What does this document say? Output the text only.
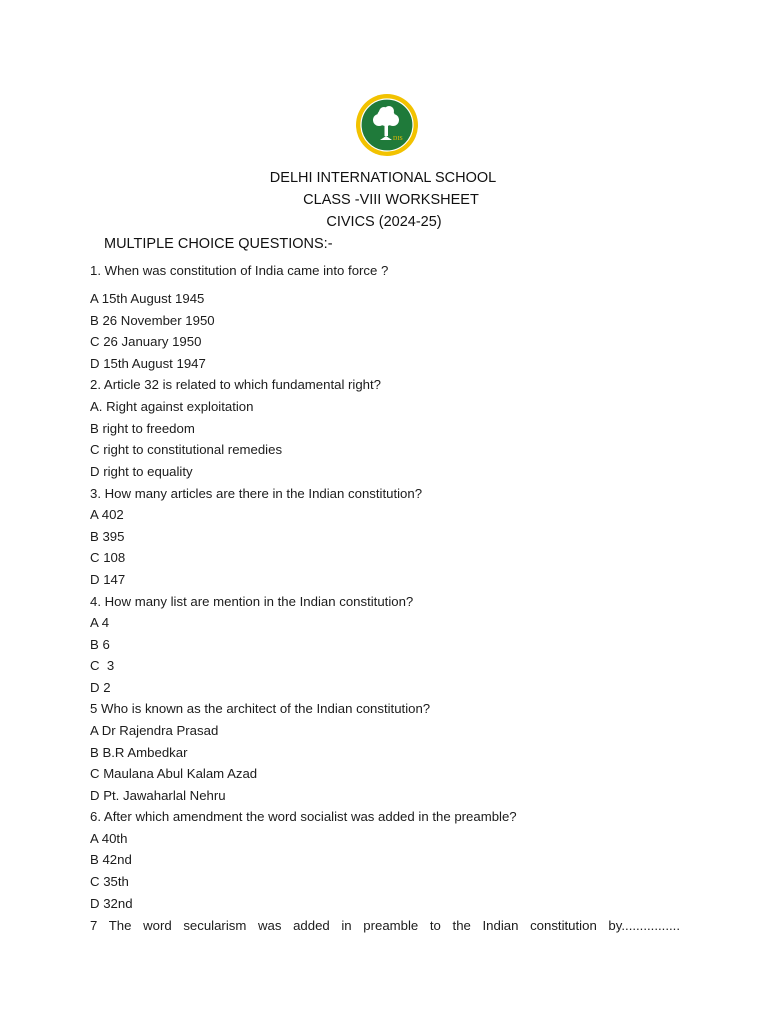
DIS
DELHI INTERNATIONAL SCHOOL
CLASS -VIII WORKSHEET
CIVICS (2024-25)
MULTIPLE CHOICE QUESTIONS:-
1. When was constitution of India came into force ?
A 15th August 1945
B 26 November 1950
C 26 January 1950
D 15th August 1947
2. Article 32 is related to which fundamental right?
A. Right against exploitation
B right to freedom
C right to constitutional remedies
D right to equality
3. How many articles are there in the Indian constitution?
A 402
B 395
C 108
D 147
4. How many list are mention in the Indian constitution?
A 4
B 6
C  3
D 2
5 Who is known as the architect of the Indian constitution?
A Dr Rajendra Prasad
B B.R Ambedkar
C Maulana Abul Kalam Azad
D Pt. Jawaharlal Nehru
6. After which amendment the word socialist was added in the preamble?
A 40th
B 42nd
C 35th
D 32nd
7 The word secularism was added in preamble to the Indian constitution by................
